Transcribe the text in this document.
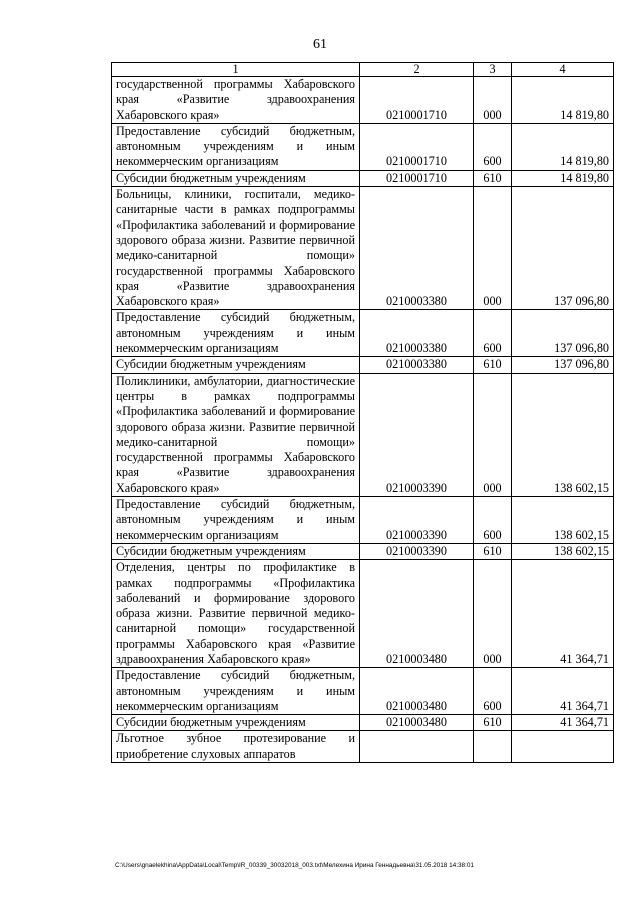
61
1	2	3	4
государственной программы Хабаровского края «Развитие здравоохранения Хабаровского края»	0210001710	000	14 819,80
Предоставление субсидий бюджетным, автономным учреждениям и иным некоммерческим организациям	0210001710	600	14 819,80
Субсидии бюджетным учреждениям	0210001710	610	14 819,80
Больницы, клиники, госпитали, медико-санитарные части в рамках подпрограммы «Профилактика заболеваний и формирование здорового образа жизни. Развитие первичной медико-санитарной помощи» государственной программы Хабаровского края «Развитие здравоохранения Хабаровского края»	0210003380	000	137 096,80
Предоставление субсидий бюджетным, автономным учреждениям и иным некоммерческим организациям	0210003380	600	137 096,80
Субсидии бюджетным учреждениям	0210003380	610	137 096,80
Поликлиники, амбулатории, диагностические центры в рамках подпрограммы «Профилактика заболеваний и формирование здорового образа жизни. Развитие первичной медико-санитарной помощи» государственной программы Хабаровского края «Развитие здравоохранения Хабаровского края»	0210003390	000	138 602,15
Предоставление субсидий бюджетным, автономным учреждениям и иным некоммерческим организациям	0210003390	600	138 602,15
Субсидии бюджетным учреждениям	0210003390	610	138 602,15
Отделения, центры по профилактике в рамках подпрограммы «Профилактика заболеваний и формирование здорового образа жизни. Развитие первичной медико-санитарной помощи» государственной программы Хабаровского края «Развитие здравоохранения Хабаровского края»	0210003480	000	41 364,71
Предоставление субсидий бюджетным, автономным учреждениям и иным некоммерческим организациям	0210003480	600	41 364,71
Субсидии бюджетным учреждениям	0210003480	610	41 364,71
Льготное зубное протезирование и приобретение слуховых аппаратов			
C:\Users\gnaelekhina\AppData\Local\Temp\IR_00339_30032018_003.txt\Мелехина Ирина Геннадьевна\31.05.2018 14:38:01
